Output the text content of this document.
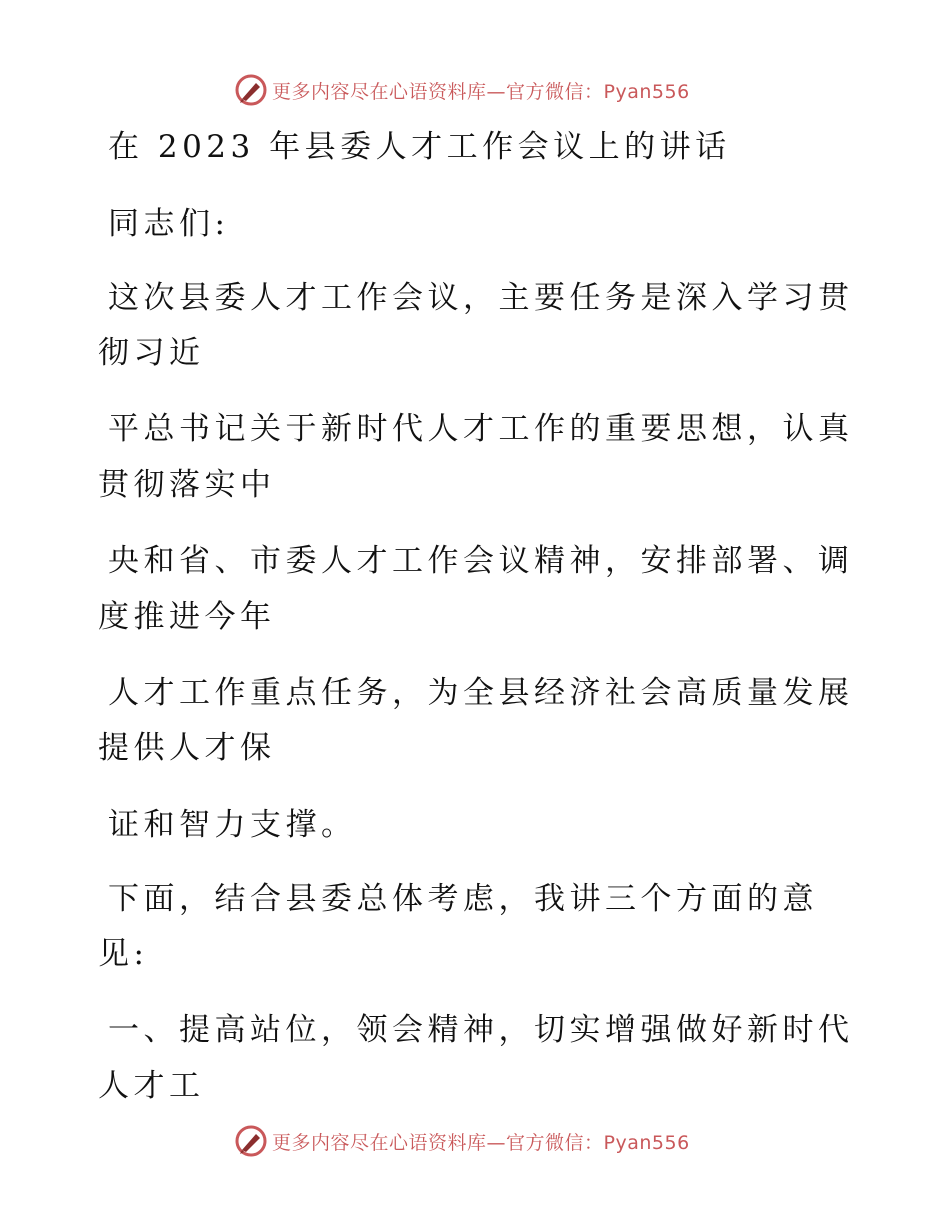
更多内容尽在心语资料库—官方微信：Pyan556
在 2023 年县委人才工作会议上的讲话
同志们:
这次县委人才工作会议，主要任务是深入学习贯
彻习近
平总书记关于新时代人才工作的重要思想，认真
贯彻落实中
央和省、市委人才工作会议精神，安排部署、调
度推进今年
人才工作重点任务，为全县经济社会高质量发展
提供人才保
证和智力支撑。
下面，结合县委总体考虑，我讲三个方面的意
见:
一、提高站位，领会精神，切实增强做好新时代
人才工
更多内容尽在心语资料库—官方微信：Pyan556
